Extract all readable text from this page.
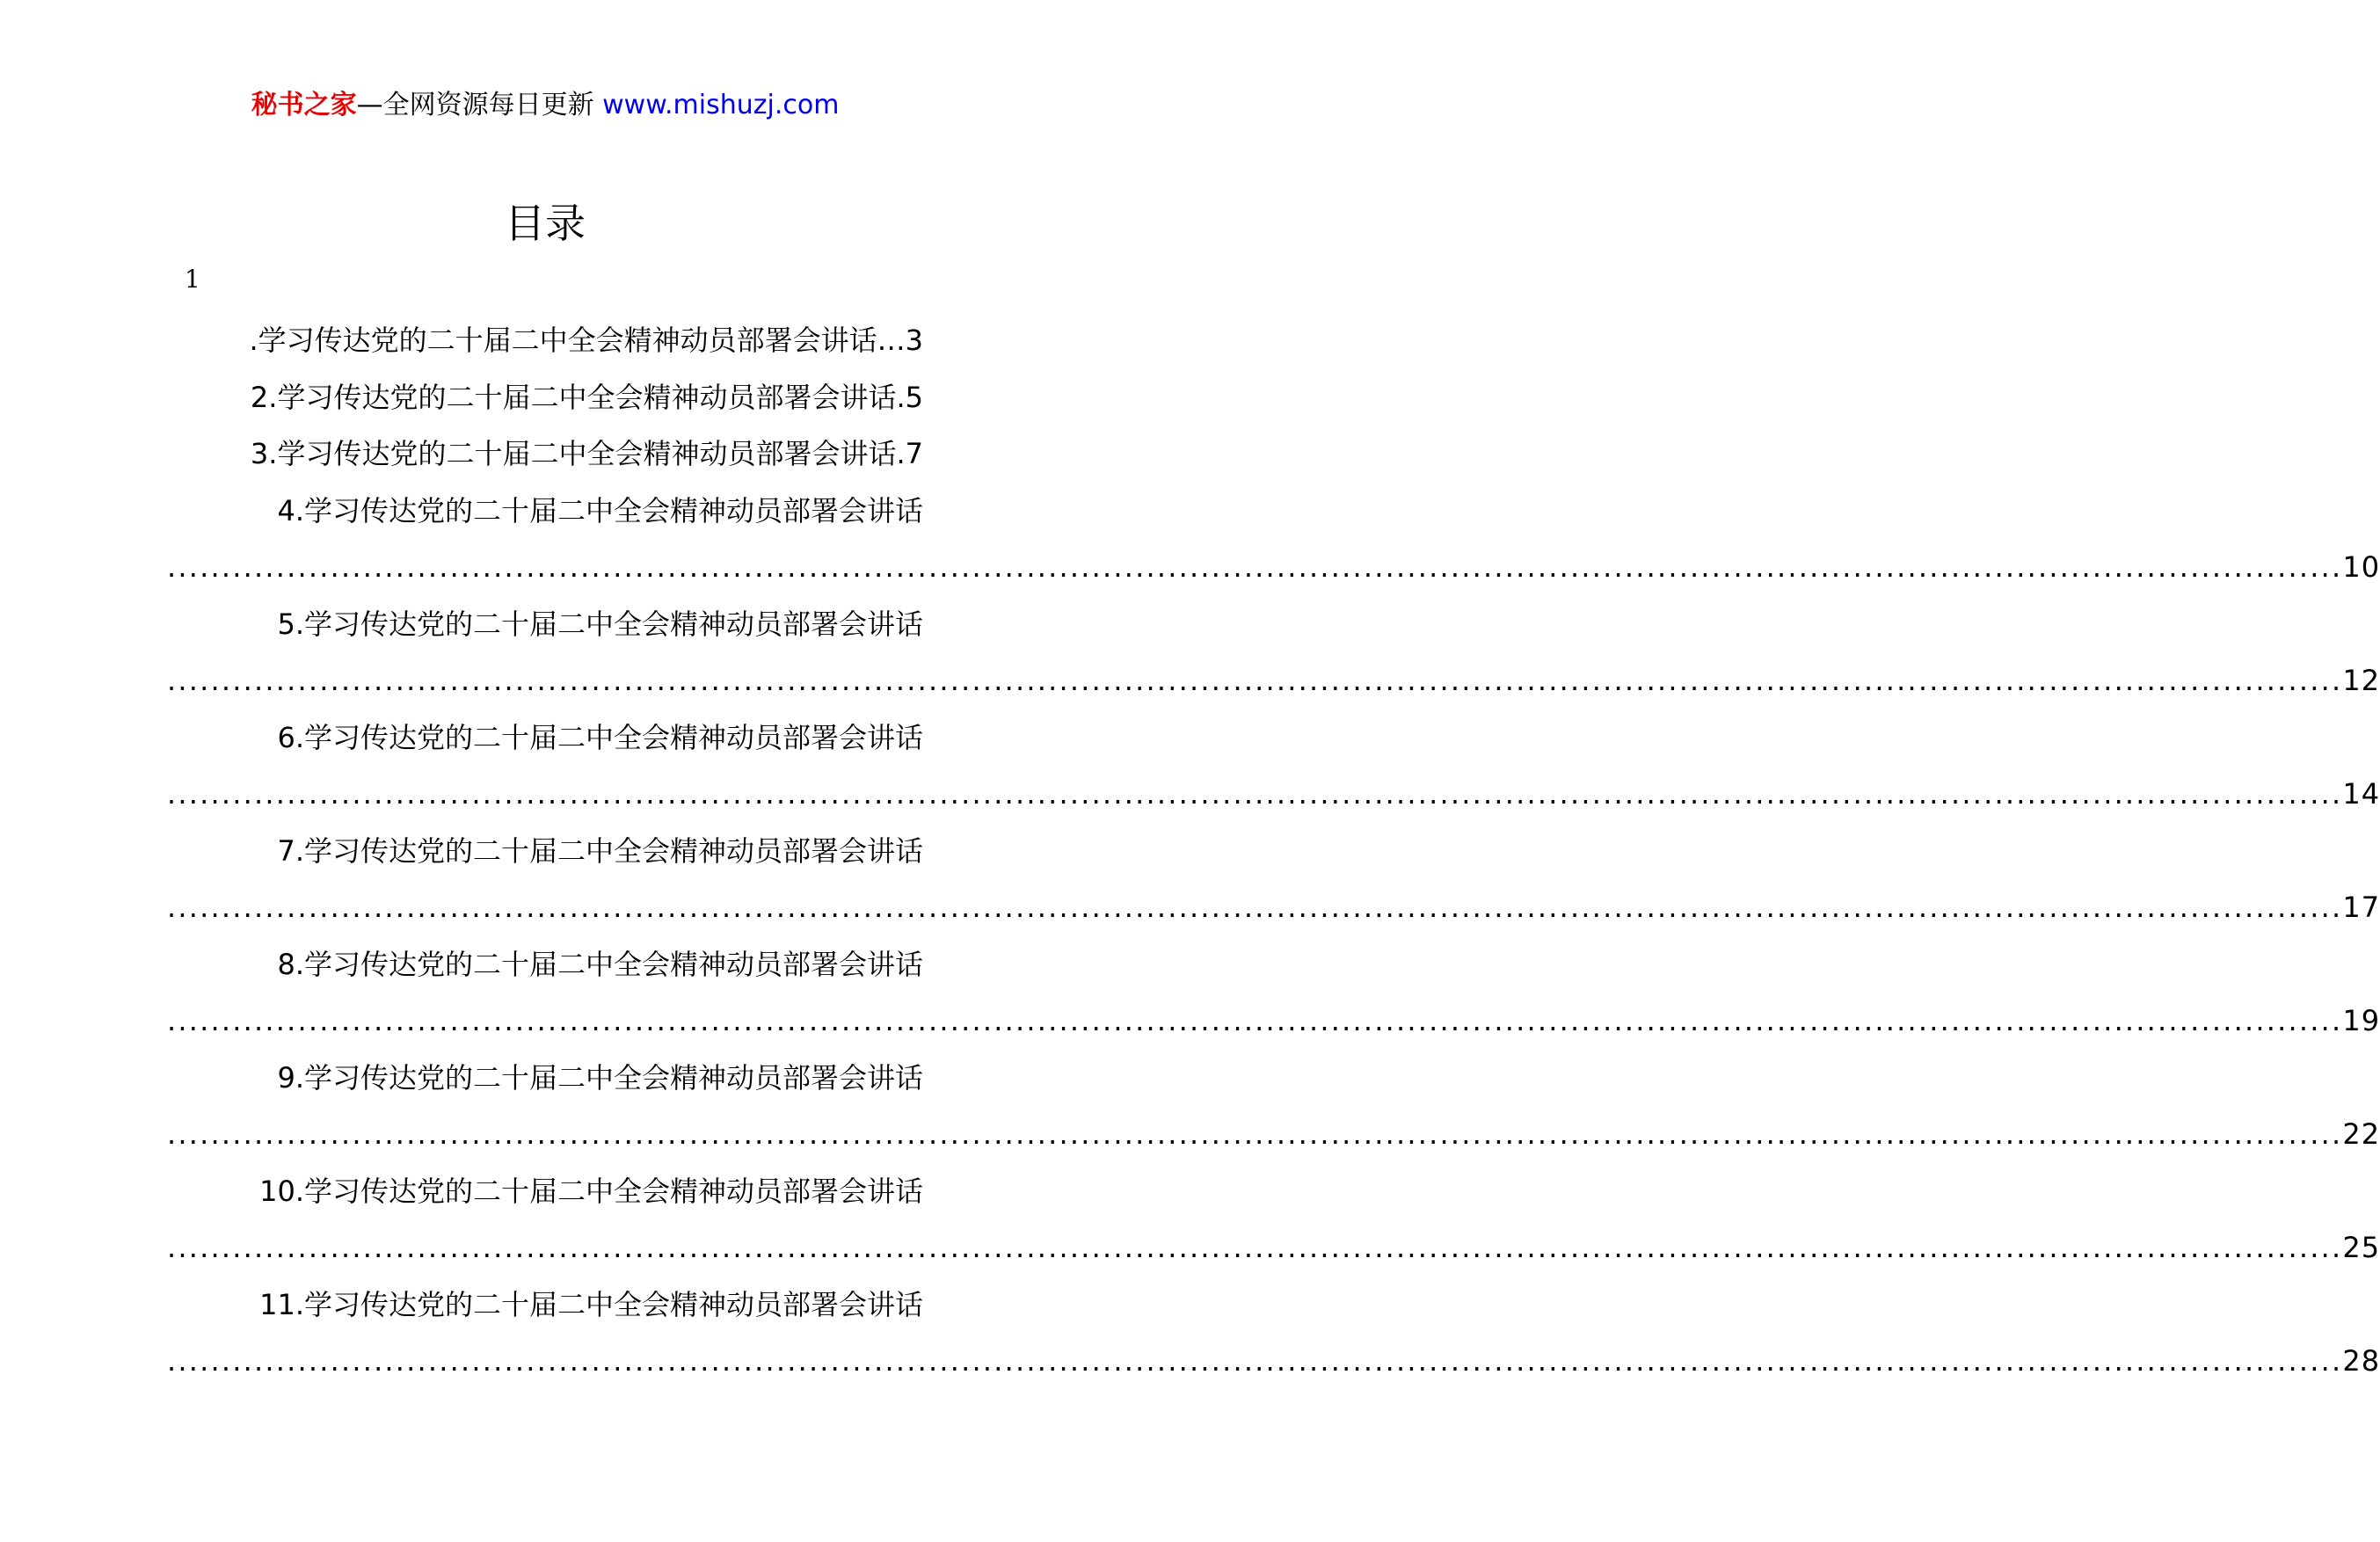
秘书之家—全网资源每日更新 www.mishuzj.com
目录
1
.学习传达党的二十届二中全会精神动员部署会讲话…3
2.学习传达党的二十届二中全会精神动员部署会讲话.5
3.学习传达党的二十届二中全会精神动员部署会讲话.7
4.学习传达党的二十届二中全会精神动员部署会讲话
........................................................................................................................................................................................................ 10
5.学习传达党的二十届二中全会精神动员部署会讲话
........................................................................................................................................................................................................ 12
6.学习传达党的二十届二中全会精神动员部署会讲话
........................................................................................................................................................................................................ 14
7.学习传达党的二十届二中全会精神动员部署会讲话
........................................................................................................................................................................................................ 17
8.学习传达党的二十届二中全会精神动员部署会讲话
........................................................................................................................................................................................................ 19
9.学习传达党的二十届二中全会精神动员部署会讲话
........................................................................................................................................................................................................ 22
10.学习传达党的二十届二中全会精神动员部署会讲话
........................................................................................................................................................................................................ 25
11.学习传达党的二十届二中全会精神动员部署会讲话
........................................................................................................................................................................................................ 28
